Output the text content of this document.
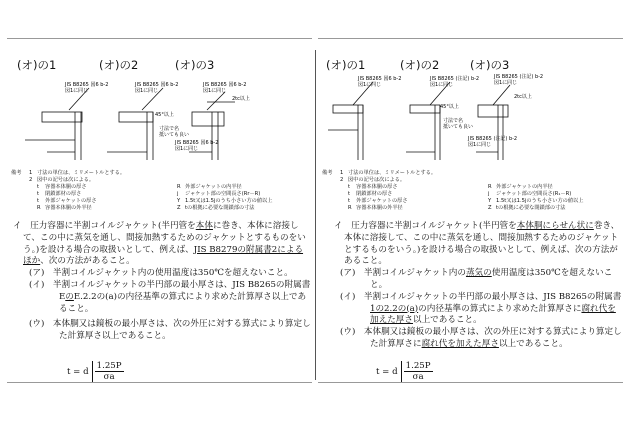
(オ)の1	(オ)の2	(オ)の3
JIS B8265 図6 b-2
図1に同じ
JIS B8265 図6 b-2
図1に同じ
JIS B8265 図6 b-2
図1に同じ
45°以上
2tc以上
寸法で名
抵いても良い
JIS B8265 図6 b-2
図1に同じ
備考	1 寸法の単位は、ミリメートルとする。
2 図中の記号は次による。
t	容器本体胴の厚さ	R 外部ジャケットの内半径
t	閉鎖部材の厚さ	j	ジャケット部の空間長さ(Rr－R)
t	外部ジャケットの厚さ	Y 1.5t又は1.5jのうち小さい方の値以上
R 容器本体胴の外半径	Z tの根拠に必要な閉鎖部の寸法

イ　圧力容器に半割コイルジャケット(半円管を本体に巻き、本体に溶接して、この中に蒸気を通し、間接加熱するためのジャケットとするものをいう。)を設ける場合の取扱いとして、例えば、JIS B8279の附属書2によるほか、次の方法があること。

(ア)　半割コイルジャケット内の使用温度は350℃を超えないこと。

(イ)　半割コイルジャケットの半円部の最小厚さは、JIS B8265の附属書EのE.2.2の(a)の内径基準の算式により求めた計算厚さ以上であること。

(ウ)　本体胴又は鏡板の最小厚さは、次の外圧に対する算式により算定した計算厚さ以上であること。

t = d $\frac{1.25P}{\sigma a}$
(オ)の1	(オ)の2	(オ)の3
JIS B8265 図6 b-2
図1に同じ
JIS B8265 (注記) b-2
図1に同じ
JIS B8265 (注記) b-2
図1に同じ
45°以上
2tc以上
寸法で名
抵いても良い
JIS B8265 (注記) b-2
図1に同じ
備考	1 寸法の単位は、ミリメートルとする。
2 図中の記号は次による。
t	容器本体胴の厚さ	R 外部ジャケットの内半径
t	閉鎖部材の厚さ	j	ジャケット部の空間長さ(R₁－R)
t	外部ジャケットの厚さ	Y 1.5t又は1.5jのうち小さい方の値以上
R 容器本体胴の外半径	Z tの根拠に必要な閉鎖部の寸法

イ　圧力容器に半割コイルジャケット(半円管を本体胴にらせん状に巻き、本体に溶接して、この中に蒸気を通し、間接加熱するためのジャケットとするものをいう。)を設ける場合の取扱いとして、例えば、次の方法があること。

(ア)　半割コイルジャケット内の蒸気の使用温度は350℃を超えないこと。

(イ)　半割コイルジャケットの半円部の最小厚さは、JIS B8265の附属書1の2.2の(a)の内径基準の算式により求めた計算厚さに腐れ代を加えた厚さ以上であること。

(ウ)　本体胴又は鏡板の最小厚さは、次の外圧に対する算式により算定した計算厚さに腐れ代を加えた厚さ以上であること。

t = d $\frac{1.25P}{\sigma a}$
